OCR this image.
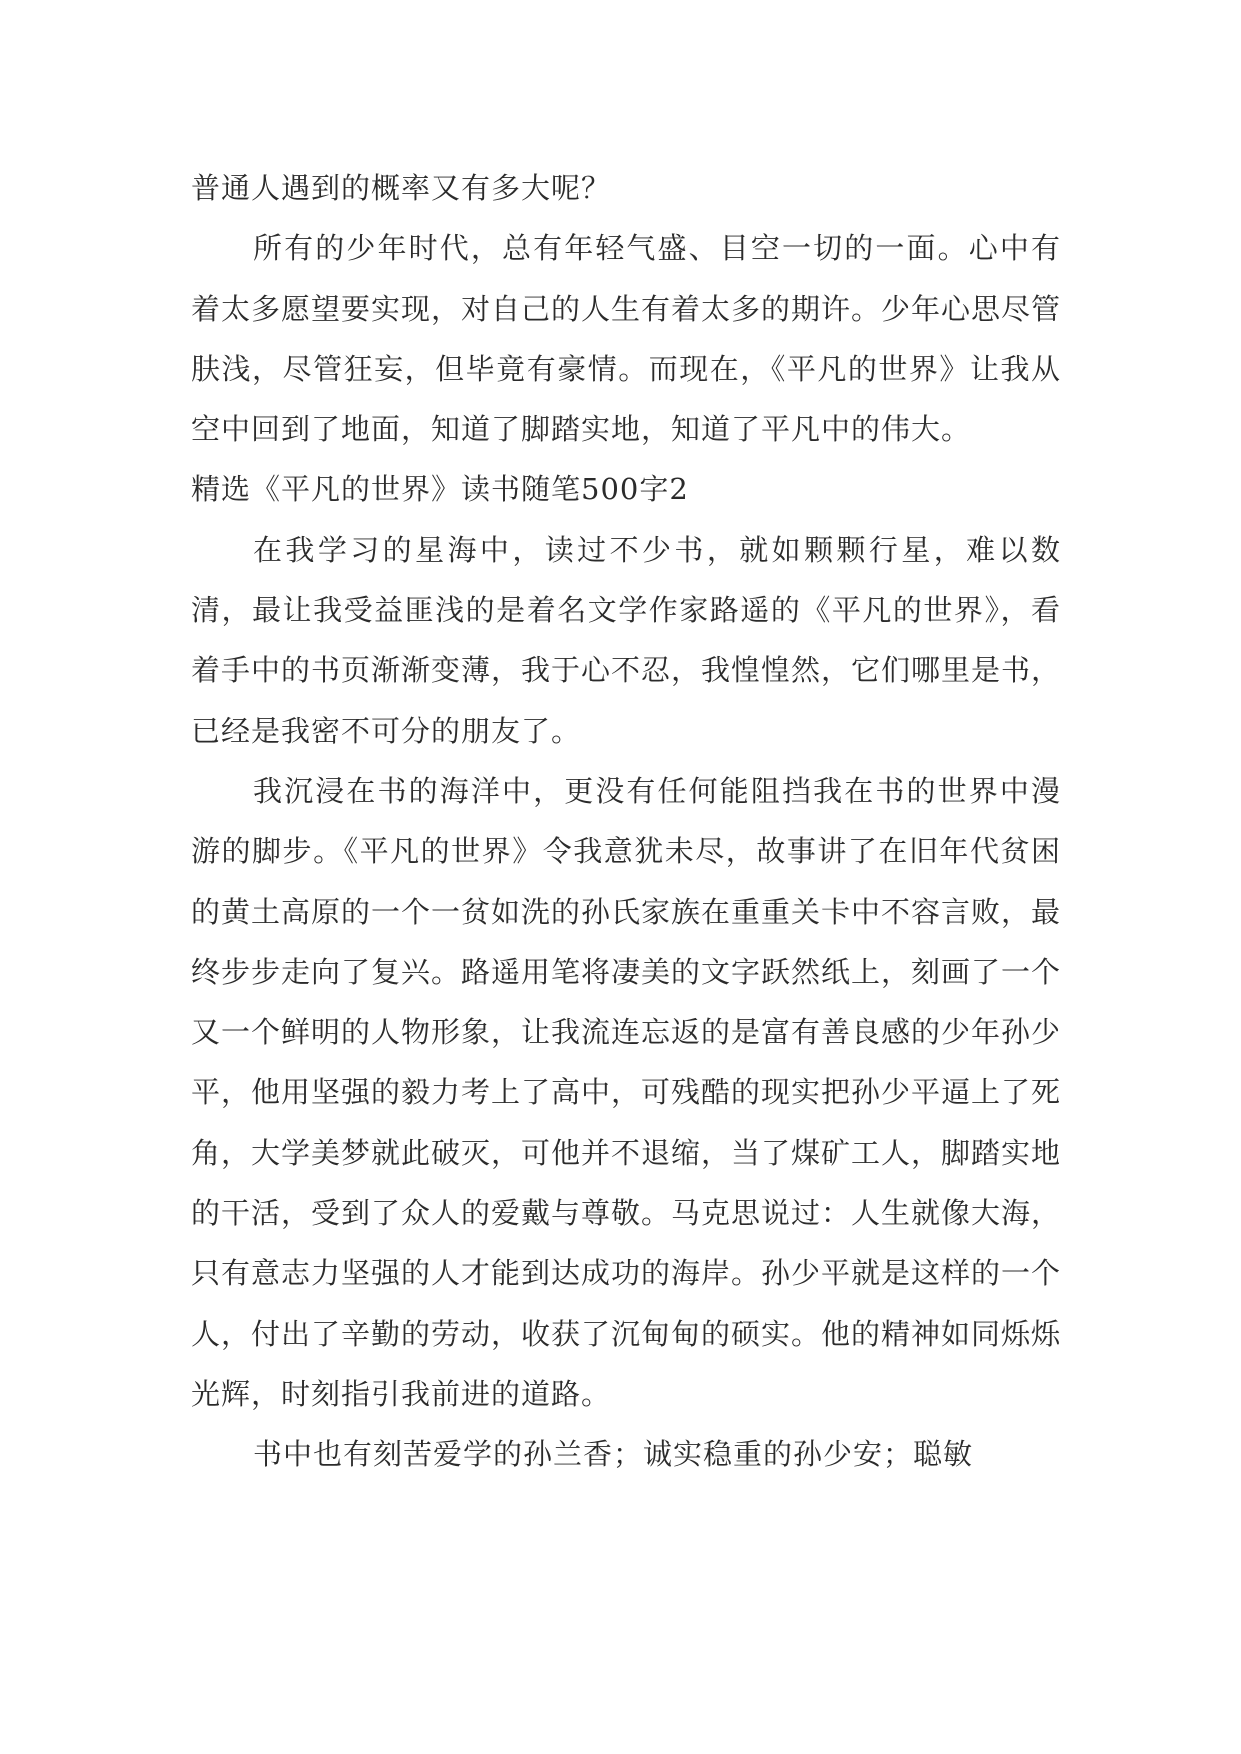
普通人遇到的概率又有多大呢？

所有的少年时代，总有年轻气盛、目空一切的一面。心中有着太多愿望要实现，对自己的人生有着太多的期许。少年心思尽管肤浅，尽管狂妄，但毕竟有豪情。而现在，《平凡的世界》让我从空中回到了地面，知道了脚踏实地，知道了平凡中的伟大。

精选《平凡的世界》读书随笔500字2

在我学习的星海中，读过不少书，就如颗颗行星，难以数清，最让我受益匪浅的是着名文学作家路遥的《平凡的世界》，看着手中的书页渐渐变薄，我于心不忍，我惶惶然，它们哪里是书，已经是我密不可分的朋友了。

我沉浸在书的海洋中，更没有任何能阻挡我在书的世界中漫游的脚步。《平凡的世界》令我意犹未尽，故事讲了在旧年代贫困的黄土高原的一个一贫如洗的孙氏家族在重重关卡中不容言败，最终步步走向了复兴。路遥用笔将凄美的文字跃然纸上，刻画了一个又一个鲜明的人物形象，让我流连忘返的是富有善良感的少年孙少平，他用坚强的毅力考上了高中，可残酷的现实把孙少平逼上了死角，大学美梦就此破灭，可他并不退缩，当了煤矿工人，脚踏实地的干活，受到了众人的爱戴与尊敬。马克思说过：人生就像大海，只有意志力坚强的人才能到达成功的海岸。孙少平就是这样的一个人，付出了辛勤的劳动，收获了沉甸甸的硕实。他的精神如同烁烁光辉，时刻指引我前进的道路。

书中也有刻苦爱学的孙兰香；诚实稳重的孙少安；聪敏
